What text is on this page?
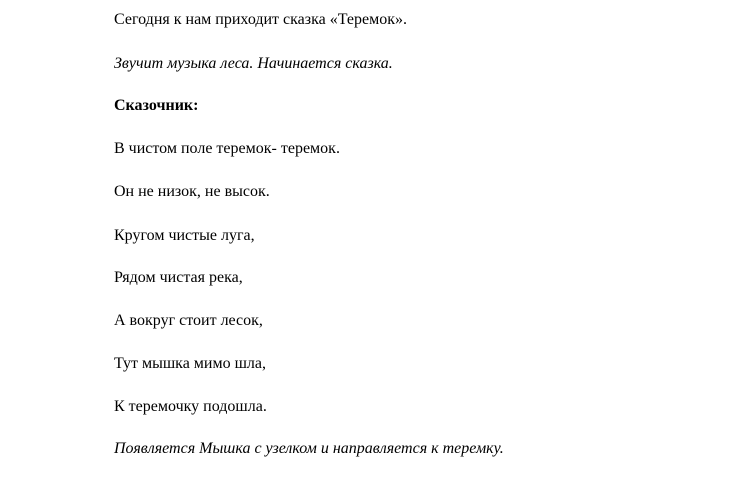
Сегодня к нам приходит сказка «Теремок».

Звучит музыка леса. Начинается сказка.

Сказочник:

В чистом поле теремок- теремок.

Он не низок, не высок.

Кругом чистые луга,

Рядом чистая река,

А вокруг стоит лесок,

Тут мышка мимо шла,

К теремочку подошла.

Появляется Мышка с узелком и направляется к теремку.
